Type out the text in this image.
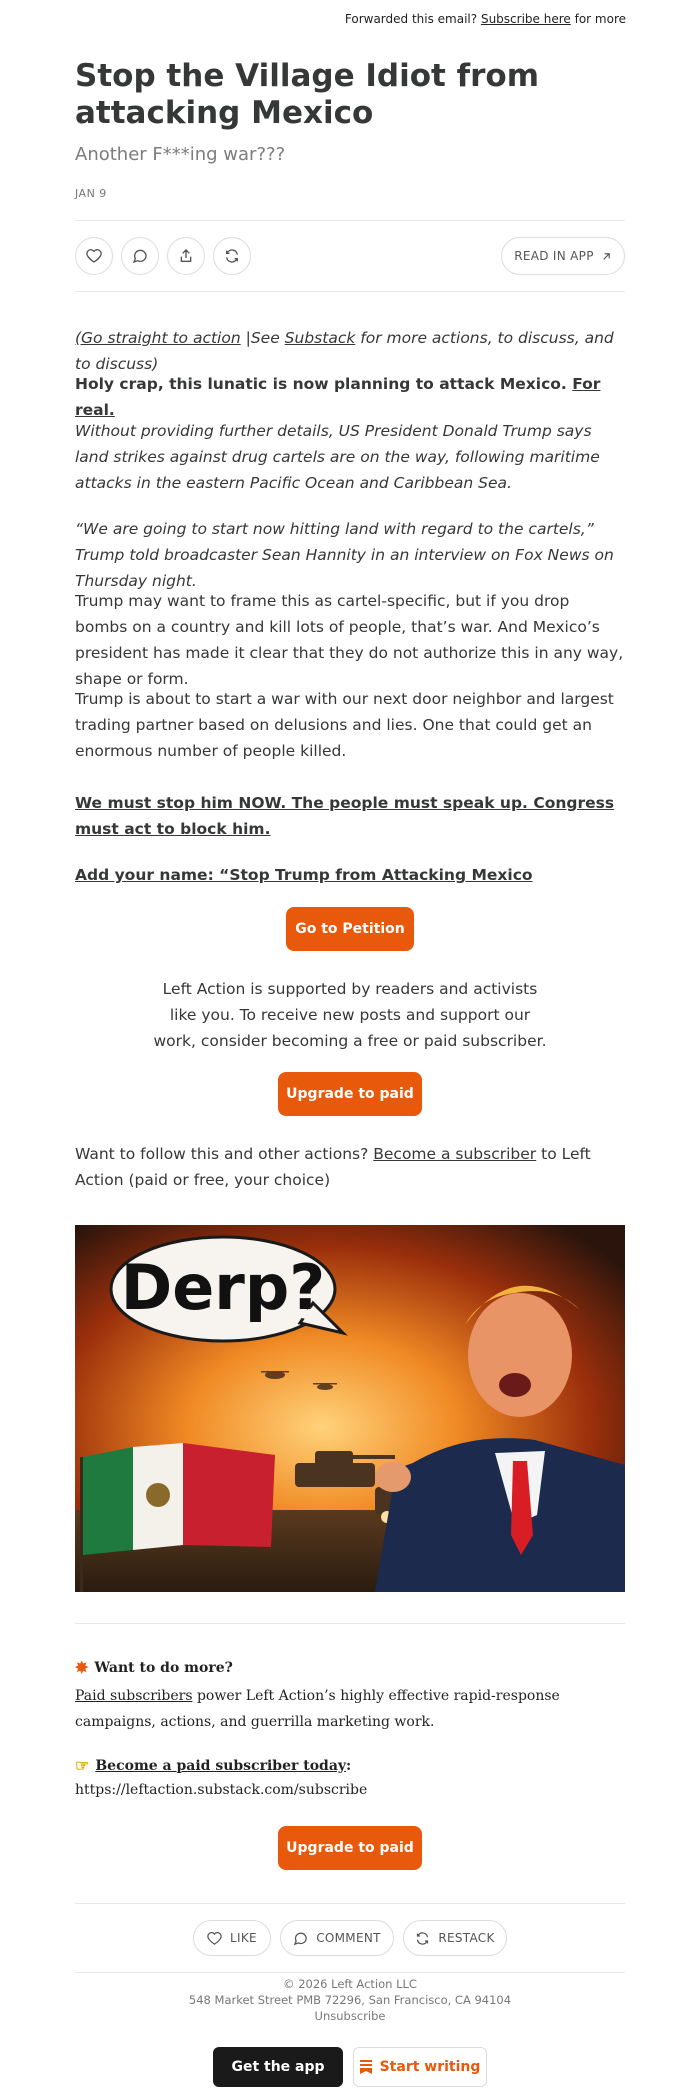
Forwarded this email? Subscribe here for more
Stop the Village Idiot from attacking Mexico
Another F***ing war???
JAN 9
READ IN APP

(Go straight to action |See Substack for more actions, to discuss, and to discuss)

Holy crap, this lunatic is now planning to attack Mexico. For real.

Without providing further details, US President Donald Trump says land strikes against drug cartels are on the way, following maritime attacks in the eastern Pacific Ocean and Caribbean Sea.

“We are going to start now hitting land with regard to the cartels,” Trump told broadcaster Sean Hannity in an interview on Fox News on Thursday night.

Trump may want to frame this as cartel-specific, but if you drop bombs on a country and kill lots of people, that’s war. And Mexico’s president has made it clear that they do not authorize this in any way, shape or form.

Trump is about to start a war with our next door neighbor and largest trading partner based on delusions and lies. One that could get an enormous number of people killed.

We must stop him NOW. The people must speak up. Congress must act to block him.

Add your name: “Stop Trump from Attacking Mexico

Go to Petition
Left Action is supported by readers and activists like you. To receive new posts and support our work, consider becoming a free or paid subscriber.
Upgrade to paid

Want to follow this and other actions? Become a subscriber to Left Action (paid or free, your choice)

Derp?
✸ Want to do more?
Paid subscribers power Left Action’s highly effective rapid-response campaigns, actions, and guerrilla marketing work.
☞ Become a paid subscriber today :
https://leftaction.substack.com/subscribe
Upgrade to paid
LIKE	COMMENT	RESTACK
© 2026 Left Action LLC
548 Market Street PMB 72296, San Francisco, CA 94104
Unsubscribe
Get the app	Start writing
